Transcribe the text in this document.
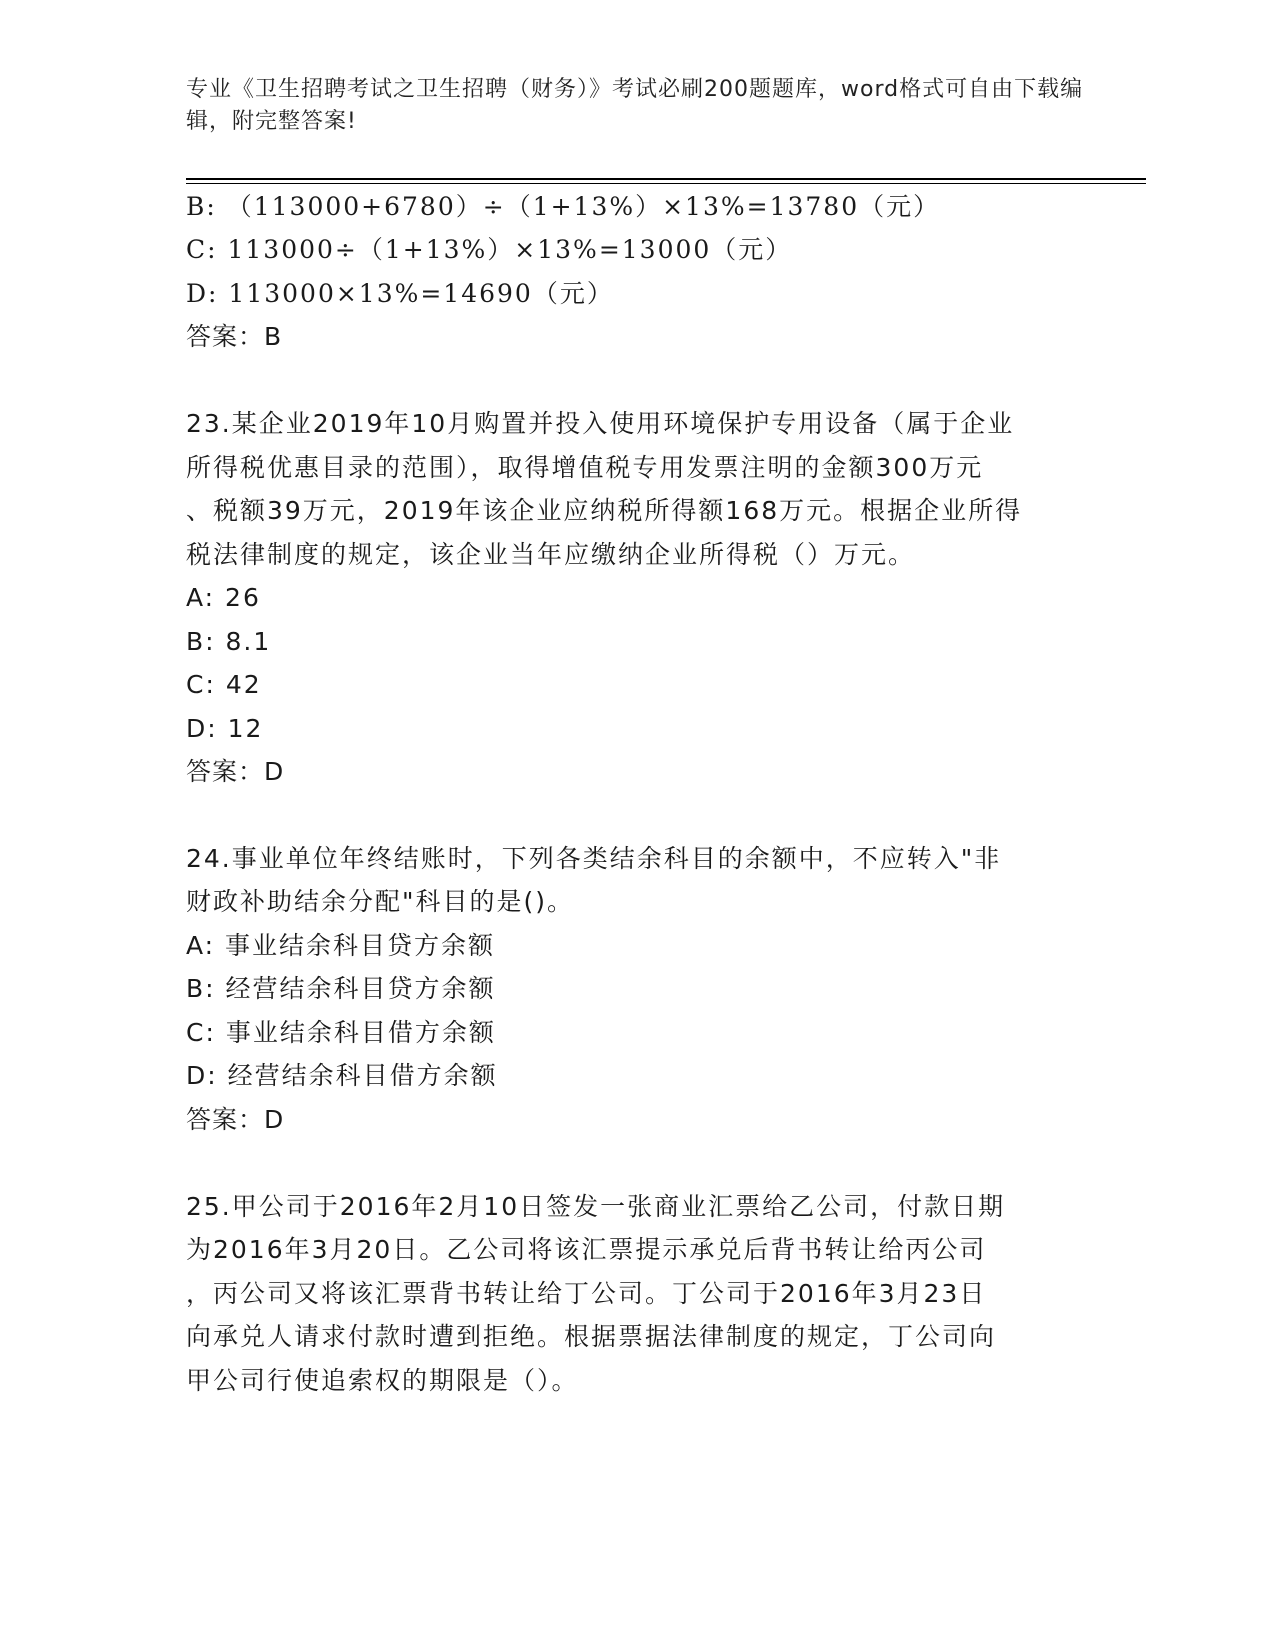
专业《卫生招聘考试之卫生招聘（财务）》考试必刷200题题库，word格式可自由下载编辑，附完整答案!
B: （113000+6780）÷（1+13%）×13%=13780（元）
C: 113000÷（1+13%）×13%=13000（元）
D: 113000×13%=14690（元）
答案：B
23.某企业2019年10月购置并投入使用环境保护专用设备（属于企业
所得税优惠目录的范围），取得增值税专用发票注明的金额300万元
、税额39万元，2019年该企业应纳税所得额168万元。根据企业所得
税法律制度的规定，该企业当年应缴纳企业所得税（）万元。
A: 26
B: 8.1
C: 42
D: 12
答案：D
24.事业单位年终结账时，下列各类结余科目的余额中，不应转入"非
财政补助结余分配"科目的是()。
A: 事业结余科目贷方余额
B: 经营结余科目贷方余额
C: 事业结余科目借方余额
D: 经营结余科目借方余额
答案：D
25.甲公司于2016年2月10日签发一张商业汇票给乙公司，付款日期
为2016年3月20日。乙公司将该汇票提示承兑后背书转让给丙公司
，丙公司又将该汇票背书转让给丁公司。丁公司于2016年3月23日
向承兑人请求付款时遭到拒绝。根据票据法律制度的规定，丁公司向
甲公司行使追索权的期限是（）。
